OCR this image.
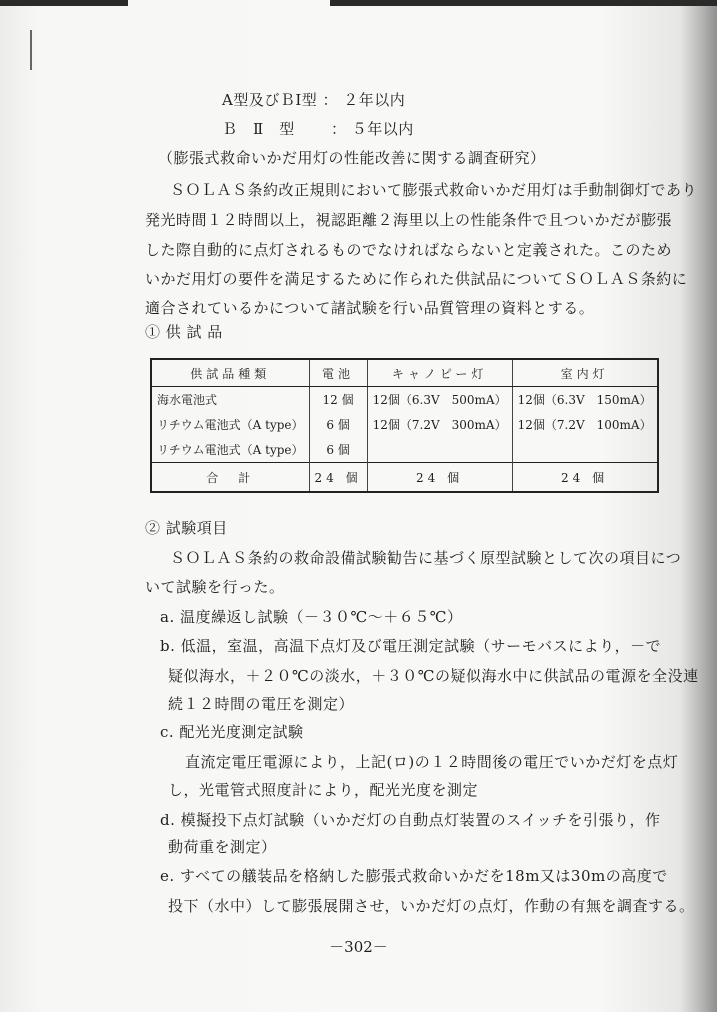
A型及びＢⅠ型 ： ２年以内
Ｂ　Ⅱ　型　　 ： ５年以内
（膨張式救命いかだ用灯の性能改善に関する調査研究）
ＳＯＬＡＳ条約改正規則において膨張式救命いかだ用灯は手動制御灯であり
発光時間１２時間以上，視認距離２海里以上の性能条件で且ついかだが膨張
した際自動的に点灯されるものでなければならないと定義された。このため
いかだ用灯の要件を満足するために作られた供試品についてＳＯＬＡＳ条約に
適合されているかについて諸試験を行い品質管理の資料とする。
① 供 試 品
供試品種類	電池	キャノピー灯	室内灯
海水電池式	12 個	12個（6.3V　500mA）	12個（6.3V　150mA）
リチウム電池式（A type）	6 個	12個（7.2V　300mA）	12個（7.2V　100mA）
リチウム電池式（A type）	6 個		
合　計	24 個	24 個	24 個
② 試験項目
ＳＯＬＡＳ条約の救命設備試験勧告に基づく原型試験として次の項目につ
いて試験を行った。
a. 温度繰返し試験（－３０℃～＋６５℃）
b. 低温，室温，高温下点灯及び電圧測定試験（サーモバスにより，－で
疑似海水，＋２０℃の淡水，＋３０℃の疑似海水中に供試品の電源を全没連
続１２時間の電圧を測定）
c. 配光光度測定試験
直流定電圧電源により，上記(ロ)の１２時間後の電圧でいかだ灯を点灯
し，光電管式照度計により，配光光度を測定
d. 模擬投下点灯試験（いかだ灯の自動点灯装置のスイッチを引張り，作
動荷重を測定）
e. すべての艤装品を格納した膨張式救命いかだを18m又は30mの高度で
投下（水中）して膨張展開させ，いかだ灯の点灯，作動の有無を調査する。
－302－
